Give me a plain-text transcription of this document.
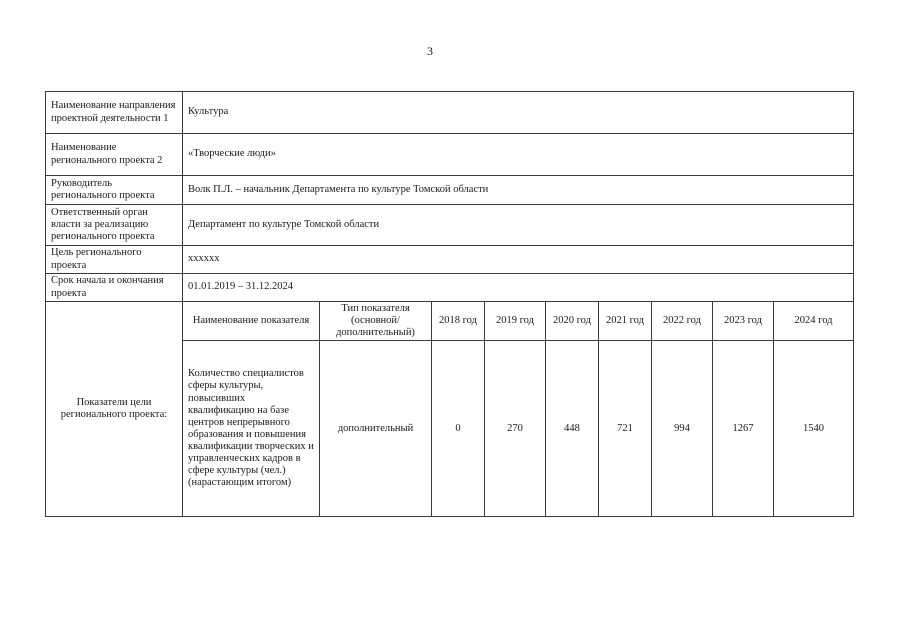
3
Наименование направления проектной деятельности 1	Культура								
Наименование регионального проекта 2	«Творческие люди»								
Руководитель регионального проекта	Волк П.Л. – начальник Департамента по культуре Томской области								
Ответственный орган власти за реализацию регионального проекта	Департамент по культуре Томской области								
Цель регионального проекта	xxxxxx								
Срок начала и окончания проекта	01.01.2019 – 31.12.2024								
Показатели цели регионального проекта:	Наименование показателя	Тип показателя (основной/ дополнительный)	2018 год	2019 год	2020 год	2021 год	2022 год	2023 год	2024 год
	Количество специалистов сферы культуры, повысивших квалификацию на базе центров непрерывного образования и повышения квалификации творческих и управленческих кадров в сфере культуры (чел.) (нарастающим итогом)	дополнительный	0	270	448	721	994	1267	1540
